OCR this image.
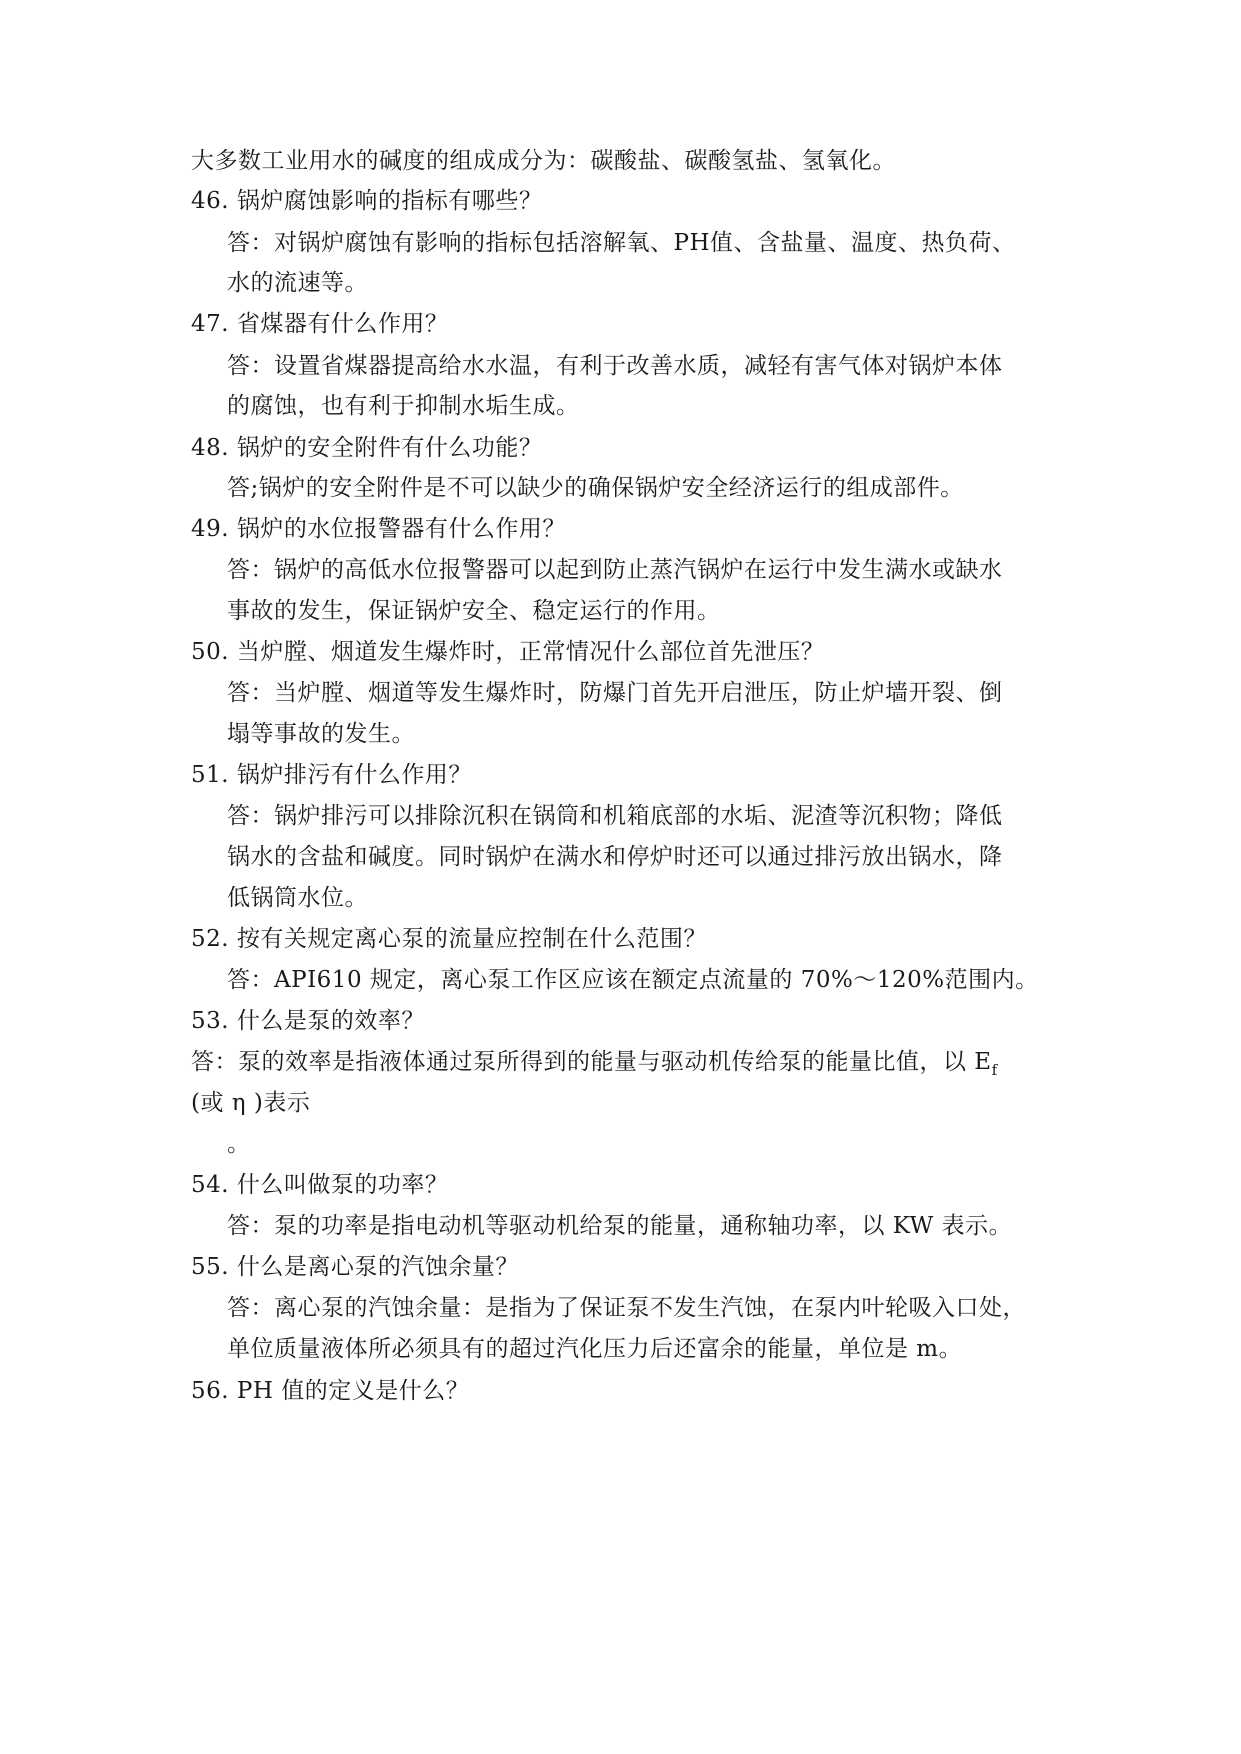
大多数工业用水的碱度的组成成分为：碳酸盐、碳酸氢盐、氢氧化。
46. 锅炉腐蚀影响的指标有哪些？
答：对锅炉腐蚀有影响的指标包括溶解氧、PH值、含盐量、温度、热负荷、
水的流速等。
47. 省煤器有什么作用？
答：设置省煤器提高给水水温，有利于改善水质，减轻有害气体对锅炉本体
的腐蚀，也有利于抑制水垢生成。
48. 锅炉的安全附件有什么功能？
答;锅炉的安全附件是不可以缺少的确保锅炉安全经济运行的组成部件。
49. 锅炉的水位报警器有什么作用？
答：锅炉的高低水位报警器可以起到防止蒸汽锅炉在运行中发生满水或缺水
事故的发生，保证锅炉安全、稳定运行的作用。
50. 当炉膛、烟道发生爆炸时，正常情况什么部位首先泄压？
答：当炉膛、烟道等发生爆炸时，防爆门首先开启泄压，防止炉墙开裂、倒
塌等事故的发生。
51. 锅炉排污有什么作用？
答：锅炉排污可以排除沉积在锅筒和机箱底部的水垢、泥渣等沉积物；降低
锅水的含盐和碱度。同时锅炉在满水和停炉时还可以通过排污放出锅水，降
低锅筒水位。
52. 按有关规定离心泵的流量应控制在什么范围？
答：API610 规定，离心泵工作区应该在额定点流量的 70%～120%范围内。
53. 什么是泵的效率？
答：泵的效率是指液体通过泵所得到的能量与驱动机传给泵的能量比值，以 $E_f$
(或 η )表示
。
54. 什么叫做泵的功率？
答：泵的功率是指电动机等驱动机给泵的能量，通称轴功率，以 KW 表示。
55. 什么是离心泵的汽蚀余量？
答：离心泵的汽蚀余量：是指为了保证泵不发生汽蚀，在泵内叶轮吸入口处，
单位质量液体所必须具有的超过汽化压力后还富余的能量，单位是 m。
56. PH 值的定义是什么？
